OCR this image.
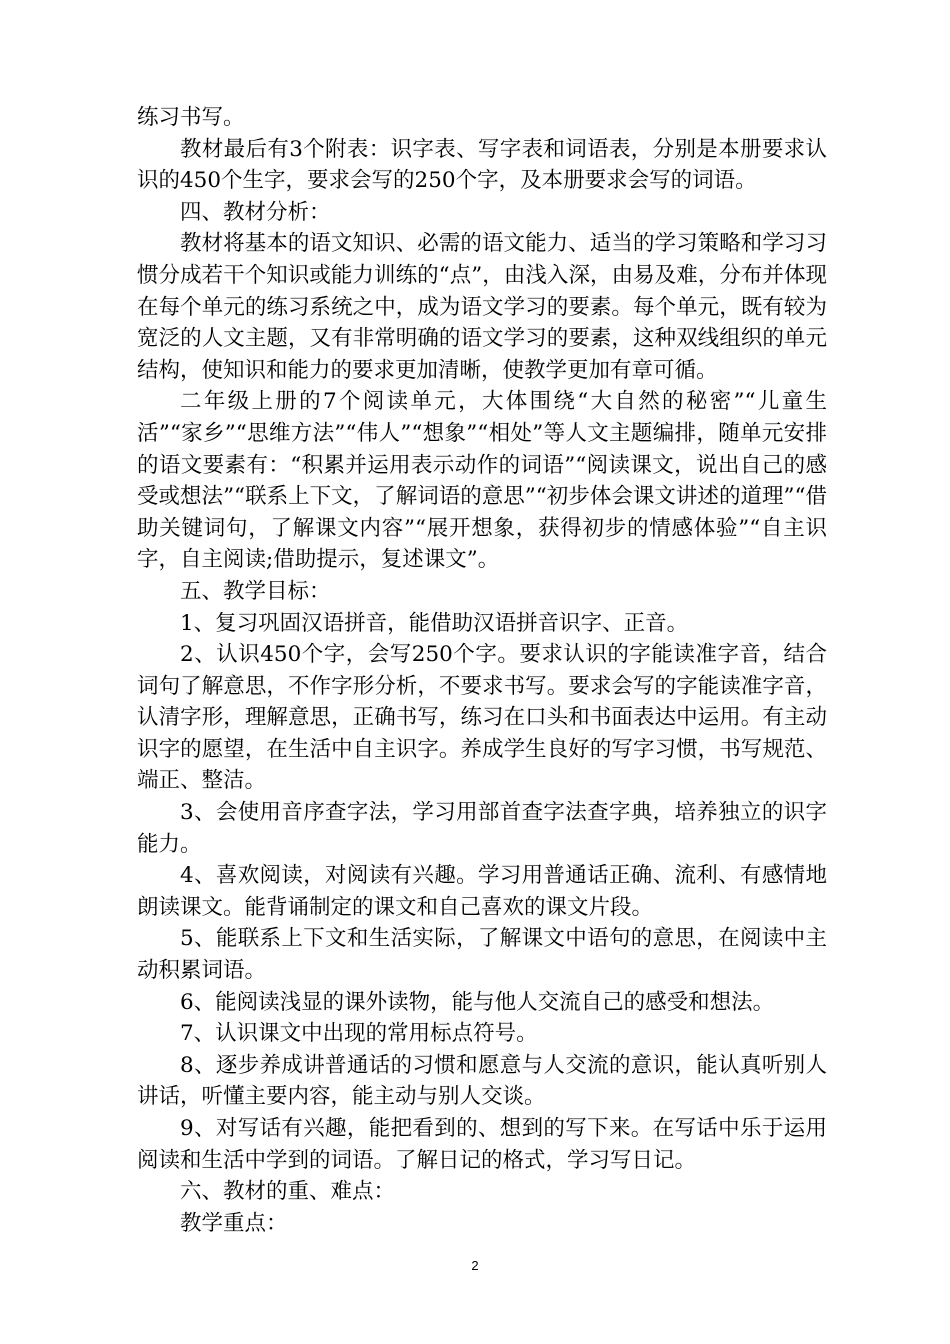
练习书写。

教材最后有3个附表：识字表、写字表和词语表，分别是本册要求认识的450个生字，要求会写的250个字，及本册要求会写的词语。

四、教材分析：

教材将基本的语文知识、必需的语文能力、适当的学习策略和学习习惯分成若干个知识或能力训练的“点”，由浅入深，由易及难，分布并体现在每个单元的练习系统之中，成为语文学习的要素。每个单元，既有较为宽泛的人文主题，又有非常明确的语文学习的要素，这种双线组织的单元结构，使知识和能力的要求更加清晰，使教学更加有章可循。

二年级上册的7个阅读单元，大体围绕“大自然的秘密”“儿童生活”“家乡”“思维方法”“伟人”“想象”“相处”等人文主题编排，随单元安排的语文要素有：“积累并运用表示动作的词语”“阅读课文，说出自己的感受或想法”“联系上下文，了解词语的意思”“初步体会课文讲述的道理”“借助关键词句，了解课文内容”“展开想象，获得初步的情感体验”“自主识字，自主阅读;借助提示，复述课文”。

五、教学目标：

1、复习巩固汉语拼音，能借助汉语拼音识字、正音。

2、认识450个字，会写250个字。要求认识的字能读准字音，结合词句了解意思，不作字形分析，不要求书写。要求会写的字能读准字音，认清字形，理解意思，正确书写，练习在口头和书面表达中运用。有主动识字的愿望，在生活中自主识字。养成学生良好的写字习惯，书写规范、端正、整洁。

3、会使用音序查字法，学习用部首查字法查字典，培养独立的识字能力。

4、喜欢阅读，对阅读有兴趣。学习用普通话正确、流利、有感情地朗读课文。能背诵制定的课文和自己喜欢的课文片段。

5、能联系上下文和生活实际，了解课文中语句的意思，在阅读中主动积累词语。

6、能阅读浅显的课外读物，能与他人交流自己的感受和想法。

7、认识课文中出现的常用标点符号。

8、逐步养成讲普通话的习惯和愿意与人交流的意识，能认真听别人讲话，听懂主要内容，能主动与别人交谈。

9、对写话有兴趣，能把看到的、想到的写下来。在写话中乐于运用阅读和生活中学到的词语。了解日记的格式，学习写日记。

六、教材的重、难点：

教学重点：

2
